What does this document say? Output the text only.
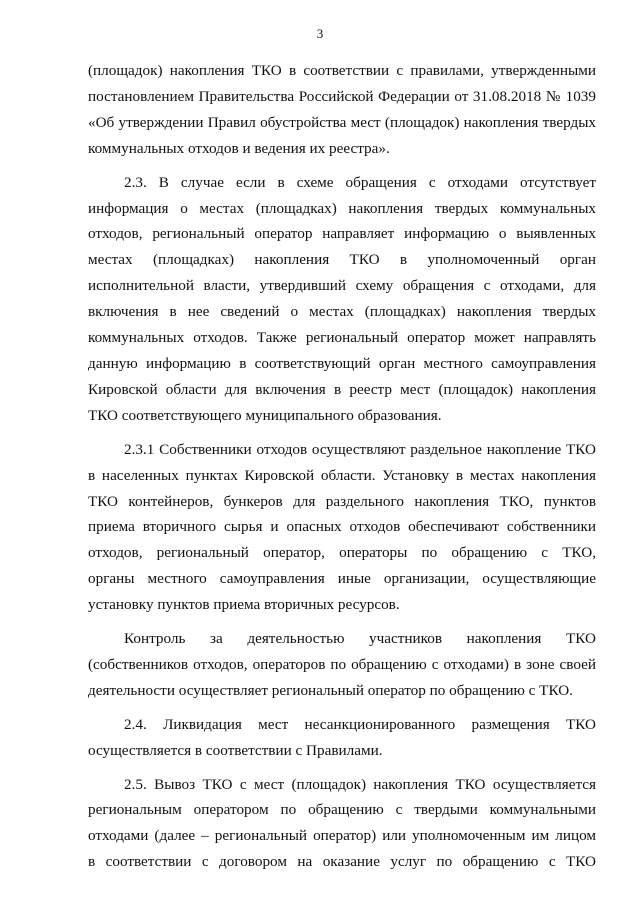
3

(площадок) накопления ТКО в соответствии с правилами, утвержденными
постановлением Правительства Российской Федерации от 31.08.2018 № 1039
«Об утверждении Правил обустройства мест (площадок) накопления твердых
коммунальных отходов и ведения их реестра».

2.3. В случае если в схеме обращения с отходами отсутствует
информация о местах (площадках) накопления твердых коммунальных
отходов, региональный оператор направляет информацию о выявленных
местах (площадках) накопления ТКО в уполномоченный орган
исполнительной власти, утвердивший схему обращения с отходами, для
включения в нее сведений о местах (площадках) накопления твердых
коммунальных отходов. Также региональный оператор может направлять
данную информацию в соответствующий орган местного самоуправления
Кировской области для включения в реестр мест (площадок) накопления
ТКО соответствующего муниципального образования.

2.3.1 Собственники отходов осуществляют раздельное накопление ТКО
в населенных пунктах Кировской области. Установку в местах накопления
ТКО контейнеров, бункеров для раздельного накопления ТКО, пунктов
приема вторичного сырья и опасных отходов обеспечивают собственники
отходов, региональный оператор, операторы по обращению с ТКО,
органы местного самоуправления иные организации, осуществляющие
установку пунктов приема вторичных ресурсов.

Контроль за деятельностью участников накопления ТКО
(собственников отходов, операторов по обращению с отходами) в зоне своей
деятельности осуществляет региональный оператор по обращению с ТКО.

2.4. Ликвидация мест несанкционированного размещения ТКО
осуществляется в соответствии с Правилами.

2.5. Вывоз ТКО с мест (площадок) накопления ТКО осуществляется
региональным оператором по обращению с твердыми коммунальными
отходами (далее – региональный оператор) или уполномоченным им лицом
в соответствии с договором на оказание услуг по обращению с ТКО
